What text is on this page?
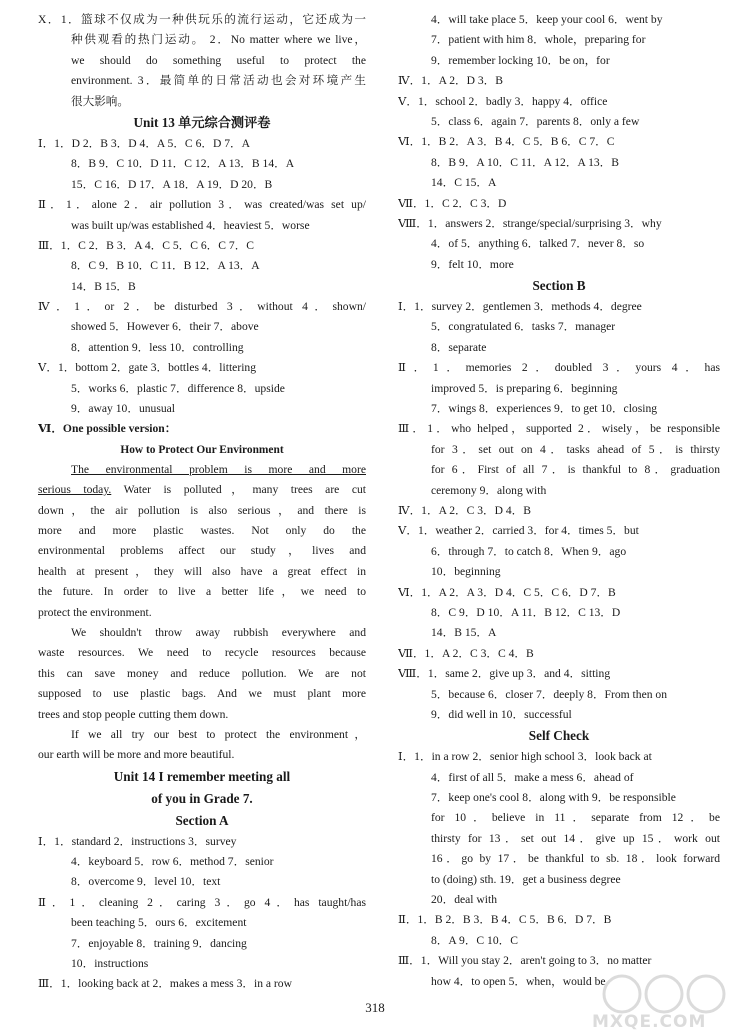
X．1．篮球不仅成为一种供玩乐的流行运动，它还成为一
种供观看的热门运动。 2．No matter where we live，
we should do something useful to protect the
environment. 3．最简单的日常活动也会对环境产生
很大影响。
Unit 13 单元综合测评卷
Ⅰ．1．D 2．B 3．D 4．A 5．C 6．D 7．A
8．B 9．C 10．D 11．C 12．A 13．B 14．A
15．C 16．D 17．A 18．A 19．D 20．B
Ⅱ．1．alone 2．air pollution 3．was created/was set up/
was built up/was established 4．heaviest 5．worse
Ⅲ．1．C 2．B 3．A 4．C 5．C 6．C 7．C
8．C 9．B 10．C 11．B 12．A 13．A
14．B 15．B
Ⅳ．1．or 2．be disturbed 3．without 4．shown/
showed 5．However 6．their 7．above
8．attention 9．less 10．controlling
Ⅴ．1．bottom 2．gate 3．bottles 4．littering
5．works 6．plastic 7．difference 8．upside
9．away 10．unusual
Ⅵ．One possible version：
How to Protect Our Environment
The environmental problem is more and more
serious today. Water is polluted，many trees are cut
down，the air pollution is also serious，and there is
more and more plastic wastes. Not only do the
environmental problems affect our study，lives and
health at present，they will also have a great effect in
the future. In order to live a better life，we need to
protect the environment.
We shouldn't throw away rubbish everywhere and
waste resources. We need to recycle resources because
this can save money and reduce pollution. We are not
supposed to use plastic bags. And we must plant more
trees and stop people cutting them down.
If we all try our best to protect the environment，
our earth will be more and more beautiful.
Unit 14 I remember meeting all
of you in Grade 7.
Section A
Ⅰ．1．standard 2．instructions 3．survey
4．keyboard 5．row 6．method 7．senior
8．overcome 9．level 10．text
Ⅱ．1．cleaning 2．caring 3．go 4．has taught/has
been teaching 5．ours 6．excitement
7．enjoyable 8．training 9．dancing
10．instructions
Ⅲ．1．looking back at 2．makes a mess 3．in a row
4．will take place 5．keep your cool 6．went by
7．patient with him 8．whole，preparing for
9．remember locking 10．be on，for
Ⅳ．1．A 2．D 3．B
Ⅴ．1．school 2．badly 3．happy 4．office
5．class 6．again 7．parents 8．only a few
Ⅵ．1．B 2．A 3．B 4．C 5．B 6．C 7．C
8．B 9．A 10．C 11．A 12．A 13．B
14．C 15．A
Ⅶ．1．C 2．C 3．D
Ⅷ．1．answers 2．strange/special/surprising 3．why
4．of 5．anything 6．talked 7．never 8．so
9．felt 10．more
Section B
Ⅰ．1．survey 2．gentlemen 3．methods 4．degree
5．congratulated 6．tasks 7．manager
8．separate
Ⅱ．1．memories 2．doubled 3．yours 4．has
improved 5．is preparing 6．beginning
7．wings 8．experiences 9．to get 10．closing
Ⅲ．1．who helped，supported 2．wisely，be responsible
for 3．set out on 4．tasks ahead of 5．is thirsty
for 6．First of all 7．is thankful to 8．graduation
ceremony 9．along with
Ⅳ．1．A 2．C 3．D 4．B
Ⅴ．1．weather 2．carried 3．for 4．times 5．but
6．through 7．to catch 8．When 9．ago
10．beginning
Ⅵ．1．A 2．A 3．D 4．C 5．C 6．D 7．B
8．C 9．D 10．A 11．B 12．C 13．D
14．B 15．A
Ⅶ．1．A 2．C 3．C 4．B
Ⅷ．1．same 2．give up 3．and 4．sitting
5．because 6．closer 7．deeply 8．From then on
9．did well in 10．successful
Self Check
Ⅰ．1．in a row 2．senior high school 3．look back at
4．first of all 5．make a mess 6．ahead of
7．keep one's cool 8．along with 9．be responsible
for 10．believe in 11．separate from 12．be
thirsty for 13．set out 14．give up 15．work out
16．go by 17．be thankful to sb. 18．look forward
to (doing) sth. 19．get a business degree
20．deal with
Ⅱ．1．B 2．B 3．B 4．C 5．B 6．D 7．B
8．A 9．C 10．C
Ⅲ．1．Will you stay 2．aren't going to 3．no matter
how 4．to open 5．when，would be
318
MXQE.COM
